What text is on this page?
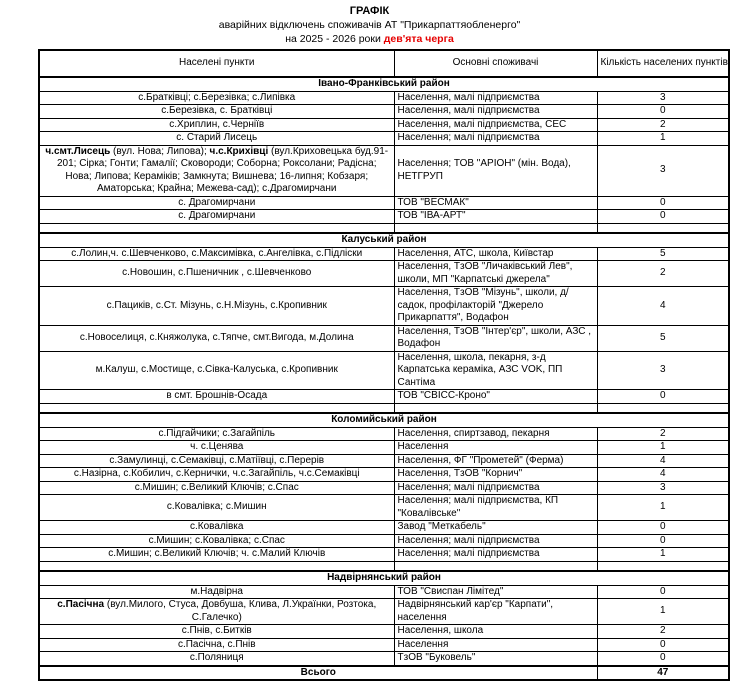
ГРАФІК
аварійних відключень споживачів АТ "Прикарпаттяобленерго"
на 2025 - 2026 роки дев'ята черга
Населені пункти	Основні споживачі	Кількість населених пунктів
Івано-Франківський район		
с.Братківці; с.Березівка; с.Липівка	Населення, малі підприємства	3
с.Березівка, с. Братківці	Населення, малі підприємства	0
с.Хриплин, с.Черніїв	Населення, малі підприємства, СЕС	2
с. Старий Лисець	Населення; малі підприємства	1
ч.смт.Лисець (вул. Нова; Липова); ч.с.Крихівці (вул.Криховецька буд.91-201; Сірка; Гонти; Гамалії; Сковороди; Соборна; Роксолани; Радісна; Нова; Липова; Кераміків; Замкнута; Вишнева; 16-липня; Кобзаря; Аматорська; Крайна; Межева-сад); с.Драгомирчани	Населення; ТОВ "АРІОН" (мін. Вода), НЕТГРУП	3
с. Драгомирчани	ТОВ "ВЕСМАК"	0
с. Драгомирчани	ТОВ "ІВА-АРТ"	0

Калуський район		
с.Лолин,ч. с.Шевченково, с.Максимівка, с.Ангелівка, с.Підліски	Населення, АТС, школа, Київстар	5
с.Новошин, с.Пшеничник , с.Шевченково	Населення, ТзОВ "Личаківський Лев", школи, МП "Карпатські джерела"	2
с.Пациків, с.Ст. Мізунь, с.Н.Мізунь, с.Кропивник	Населення, ТзОВ "Мізунь", школи, д/садок, профілакторій "Джерело Прикарпаття", Водафон	4
с.Новоселиця, с.Княжолука, с.Тяпче, смт.Вигода, м.Долина	Населення, ТзОВ "Інтер'єр", школи, АЗС , Водафон	5
м.Калуш, с.Мостище, с.Сівка-Калуська, с.Кропивник	Населення, школа, пекарня, з-д Карпатська кераміка, АЗС VOK, ПП Сантіма	3
в смт. Брошнів-Осада	ТОВ "СВІСС-Кроно"	0

Коломийський район		
с.Підгайчики; с.Загайпіль	Населення, спиртзавод, пекарня	2
ч. с.Ценява	Населення	1
с.Замулинці, с.Семаківці, с.Матіївці, с.Перерів	Населення, ФГ "Прометей" (Ферма)	4
с.Назірна, с.Кобилич, с.Кернички, ч.с.Загайпіль, ч.с.Семаківці	Населення, ТзОВ "Корнич"	4
с.Мишин; с.Великий Ключів; с.Спас	Населення; малі підприємства	3
с.Ковалівка; с.Мишин	Населення; малі підприємства, КП "Ковалівське"	1
с.Ковалівка	Завод "Меткабель"	0
с.Мишин; с.Ковалівка; с.Спас	Населення; малі підприємства	0
с.Мишин; с.Великий Ключів; ч. с.Малий Ключів	Населення; малі підприємства	1

Надвірнянський район		
м.Надвірна	ТОВ "Свиспан Лімітед"	0
с.Пасічна (вул.Милого, Стуса, Довбуша, Клива, Л.Українки, Розтока, С.Галечко)	Надвірнянський кар'єр "Карпати", населення	1
с.Пнів, с.Битків	Населення, школа	2
с.Пасічна, с.Пнів	Населення	0
с.Поляниця	ТзОВ "Буковель"	0
Всього		47
